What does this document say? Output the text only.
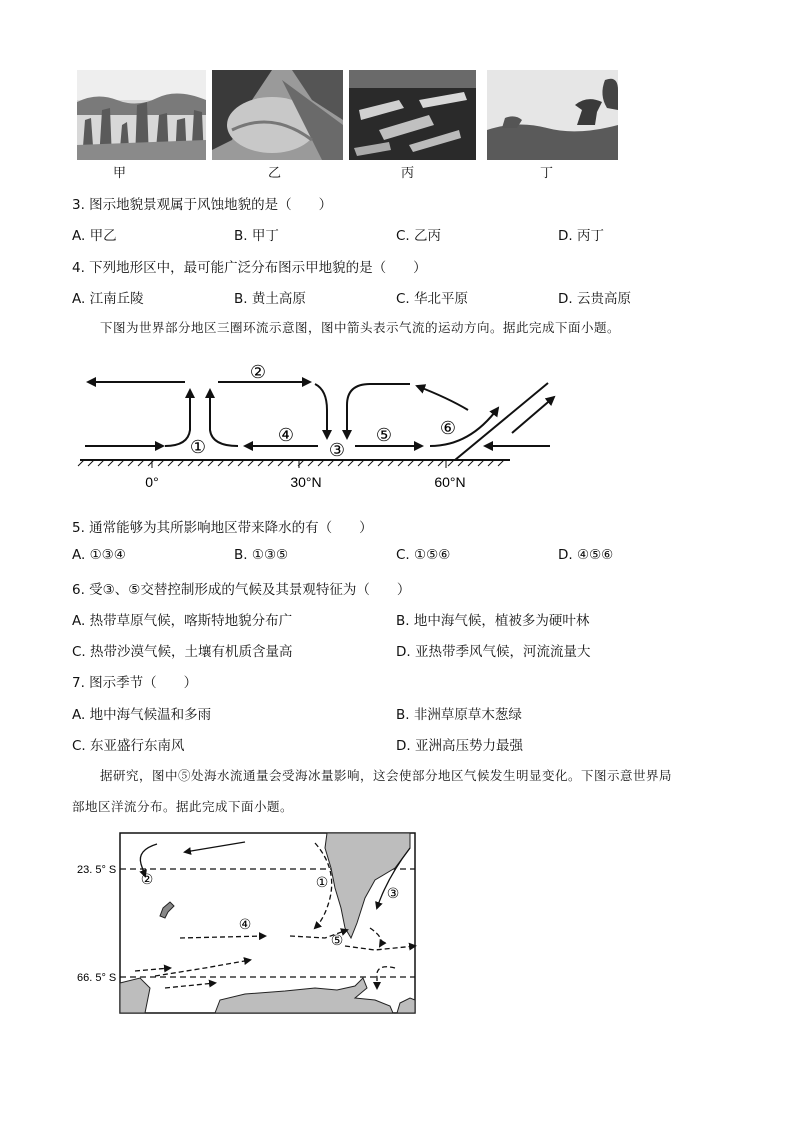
甲	乙	丙	丁
3. 图示地貌景观属于风蚀地貌的是（　　）
A. 甲乙	B. 甲丁	C. 乙丙	D. 丙丁
4. 下列地形区中，最可能广泛分布图示甲地貌的是（　　）
A. 江南丘陵	B. 黄土高原	C. 华北平原	D. 云贵高原
下图为世界部分地区三圈环流示意图，图中箭头表示气流的运动方向。据此完成下面小题。
①
②
③
④	⑤	⑥
0°	30°N	60°N
5. 通常能够为其所影响地区带来降水的有（　　）
A. ①③④	B. ①③⑤	C. ①⑤⑥	D. ④⑤⑥
6. 受③、⑤交替控制形成的气候及其景观特征为（　　）
A. 热带草原气候，喀斯特地貌分布广	B. 地中海气候，植被多为硬叶林
C. 热带沙漠气候，土壤有机质含量高	D. 亚热带季风气候，河流流量大
7. 图示季节（　　）
A. 地中海气候温和多雨	B. 非洲草原草木葱绿
C. 东亚盛行东南风	D. 亚洲高压势力最强
据研究，图中⑤处海水流通量会受海冰量影响，这会使部分地区气候发生明显变化。下图示意世界局
部地区洋流分布。据此完成下面小题。
23. 5° S
66. 5° S
①
②
③
④
⑤
